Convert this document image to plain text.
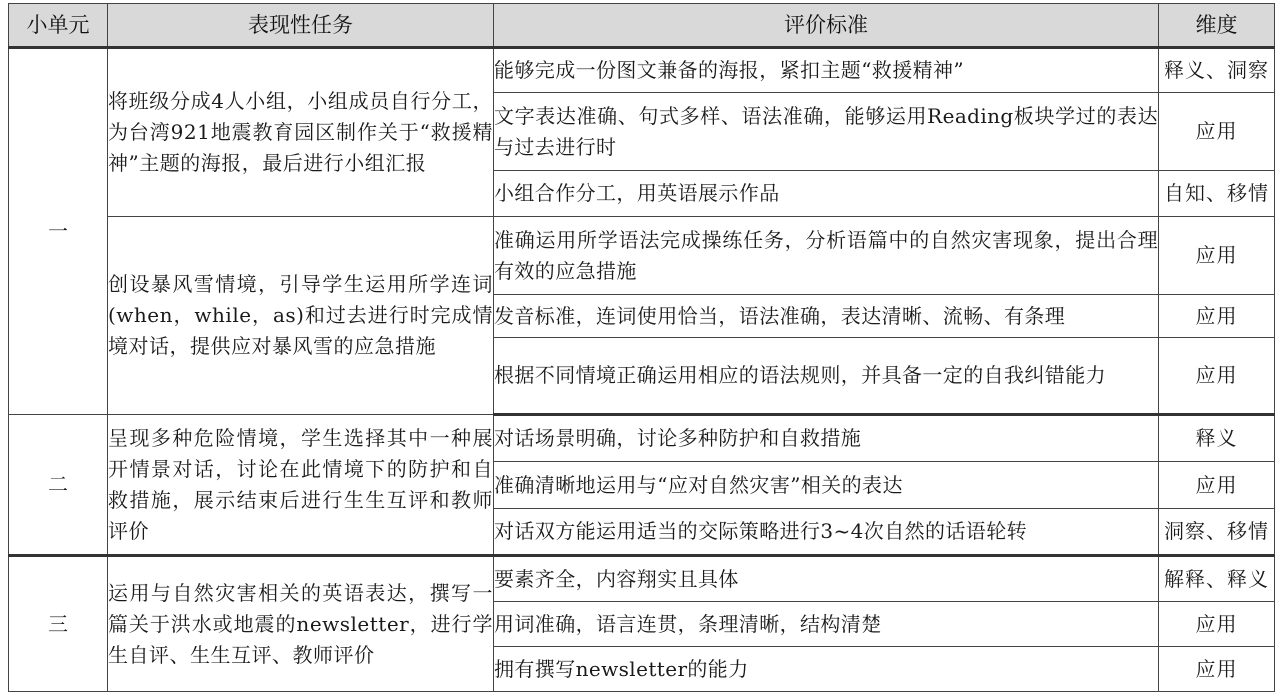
小单元	表现性任务	评价标准	维度
一	将班级分成4人小组，小组成员自行分工，为台湾921地震教育园区制作关于“救援精神”主题的海报，最后进行小组汇报	能够完成一份图文兼备的海报，紧扣主题“救援精神”	释义、洞察
		文字表达准确、句式多样、语法准确，能够运用Reading板块学过的表达与过去进行时	应用
		小组合作分工，用英语展示作品	自知、移情
	创设暴风雪情境，引导学生运用所学连词(when，while，as)和过去进行时完成情境对话，提供应对暴风雪的应急措施	准确运用所学语法完成操练任务，分析语篇中的自然灾害现象，提出合理有效的应急措施	应用
		发音标准，连词使用恰当，语法准确，表达清晰、流畅、有条理	应用
		根据不同情境正确运用相应的语法规则，并具备一定的自我纠错能力	应用
二	呈现多种危险情境，学生选择其中一种展开情景对话，讨论在此情境下的防护和自救措施，展示结束后进行生生互评和教师评价	对话场景明确，讨论多种防护和自救措施	释义
		准确清晰地运用与“应对自然灾害”相关的表达	应用
		对话双方能运用适当的交际策略进行3~4次自然的话语轮转	洞察、移情
三	运用与自然灾害相关的英语表达，撰写一篇关于洪水或地震的newsletter，进行学生自评、生生互评、教师评价	要素齐全，内容翔实且具体	解释、释义
		用词准确，语言连贯，条理清晰，结构清楚	应用
		拥有撰写newsletter的能力	应用
